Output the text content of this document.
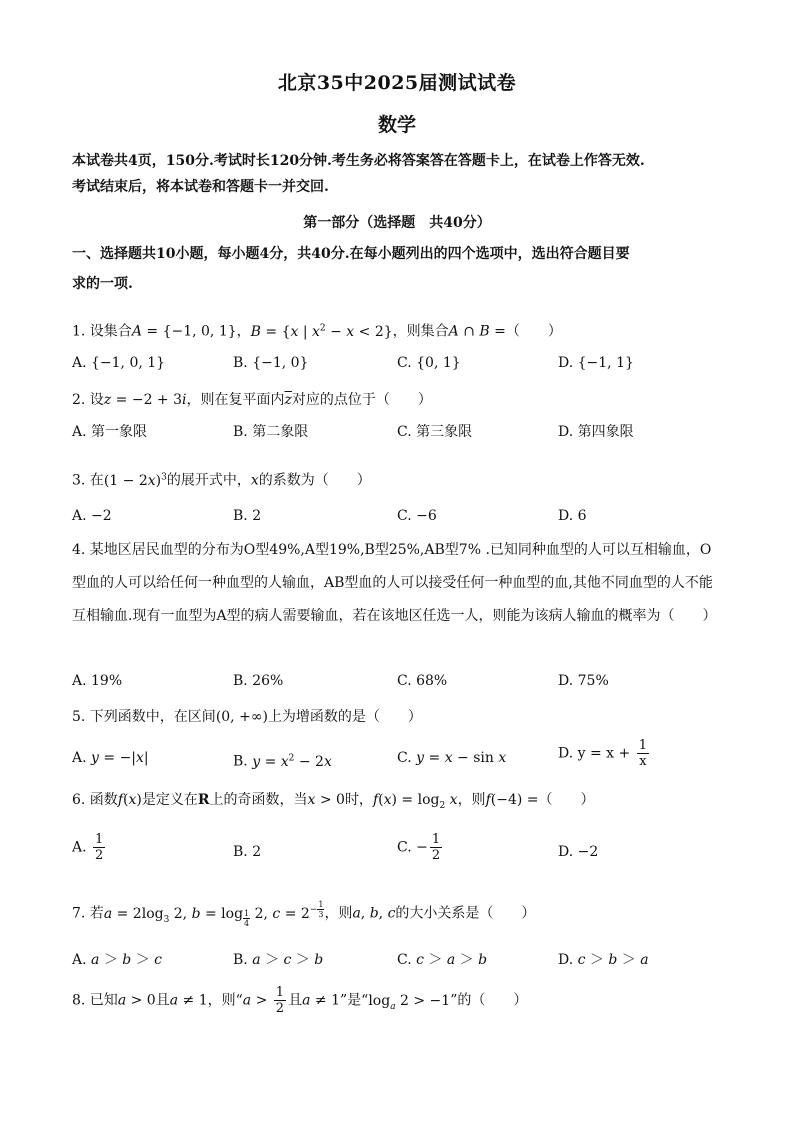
北京35中2025届测试试卷
数学
本试卷共4页，150分.考试时长120分钟.考生务必将答案答在答题卡上，在试卷上作答无效.
考试结束后，将本试卷和答题卡一并交回.
第一部分（选择题　共40分）
一、选择题共10小题，每小题4分，共40分.在每小题列出的四个选项中，选出符合题目要
求的一项.
1. 设集合A = {−1, 0, 1}，B = {x | $x^2 - x < 2$}，则集合A ∩ B =（　　）
A. {−1, 0, 1}	B. {−1, 0}	C. {0, 1}	D. {−1, 1}
2. 设z = −2 + 3i，则在复平面内$\overline{z}$对应的点位于（　　）
A. 第一象限	B. 第二象限	C. 第三象限	D. 第四象限
3. 在$(1 - 2x)^3$的展开式中，x的系数为（　　）
A. −2	B. 2	C. −6	D. 6
4. 某地区居民血型的分布为O型49%,A型19%,B型25%,AB型7% .已知同种血型的人可以互相输血，O型血的人可以给任何一种血型的人输血，AB型血的人可以接受任何一种血型的血,其他不同血型的人不能互相输血.现有一血型为A型的病人需要输血，若在该地区任选一人，则能为该病人输血的概率为（　　）
A. 19%	B. 26%	C. 68%	D. 75%
5. 下列函数中，在区间(0, +∞)上为增函数的是（　　）
A. y = −|x|	B. $y = x^2 - 2x$	C. y = x − sin x	D. $y = x + \frac{1}{x}$
6. 函数f(x)是定义在R上的奇函数，当x > 0时，$f(x) = \log_2 x$，则f(−4) =（　　）
A. $\frac{1}{2}$	B. 2	C. − $\frac{1}{2}$	D. −2
7. 若$a = 2\log_3$ 2, b = log $_{\frac{1}{4}}$ 2, $c = 2^{- \frac{1}{3}}$，则a, b, c的大小关系是（　　）
A. a ＞ b ＞ c	B. a ＞ c ＞ b	C. c ＞ a ＞ b	D. c ＞ b ＞ a
8. 已知a > 0且a ≠ 1，则“$a > \frac{1}{2}$ 且a ≠ 1”是“$\log_a$ 2 > −1”的（　　）
